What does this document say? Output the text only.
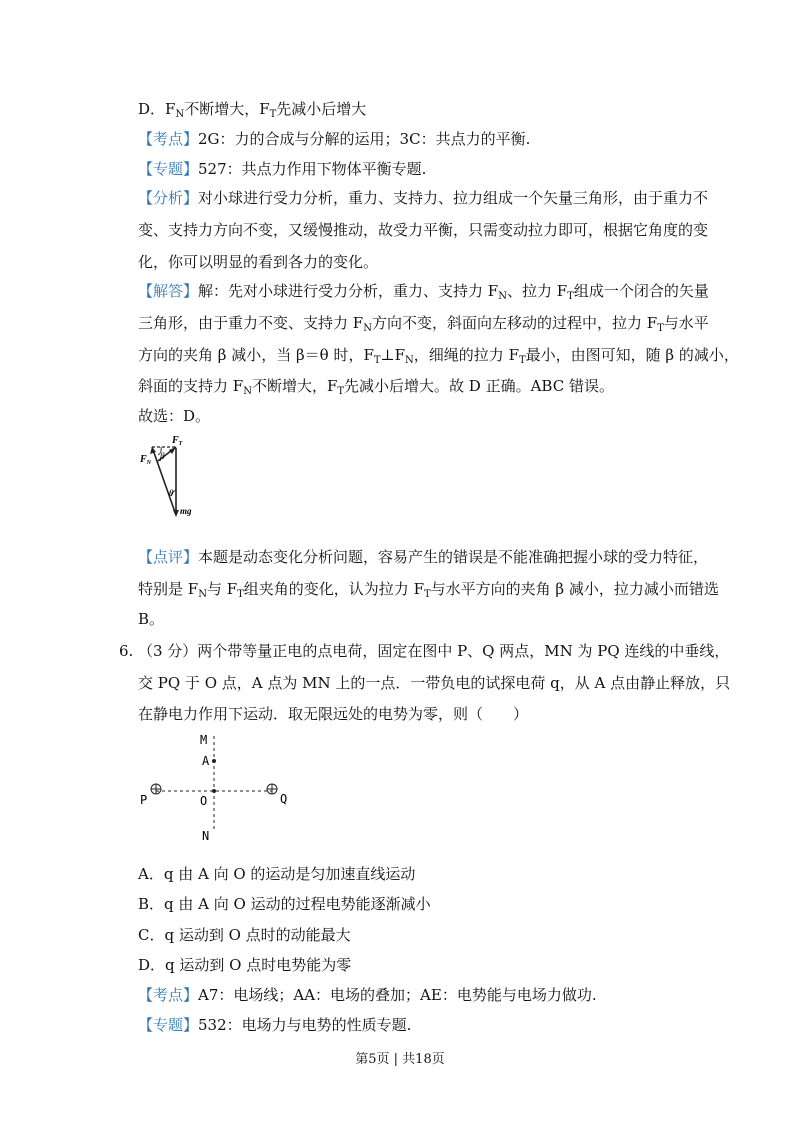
D．$F_N$不断增大，$F_T$先减小后增大
【考点】2G：力的合成与分解的运用；3C：共点力的平衡.
【专题】527：共点力作用下物体平衡专题.
【分析】对小球进行受力分析，重力、支持力、拉力组成一个矢量三角形，由于重力不
变、支持力方向不变，又缓慢推动，故受力平衡，只需变动拉力即可，根据它角度的变
化，你可以明显的看到各力的变化。
【解答】解：先对小球进行受力分析，重力、支持力 $F_N$、拉力 $F_T$组成一个闭合的矢量
三角形，由于重力不变、支持力 $F_N$方向不变，斜面向左移动的过程中，拉力 $F_T$与水平
方向的夹角 β 减小，当 β＝θ 时，$F_T\perp F_N$，细绳的拉力 $F_T$最小，由图可知，随 β 的减小，
斜面的支持力 $F_N$不断增大，$F_T$先减小后增大。故 D 正确。ABC 错误。
故选：D。
$F_T$
$F_N$
β
θ
mg
【点评】本题是动态变化分析问题，容易产生的错误是不能准确把握小球的受力特征，
特别是 $F_N$与 $F_T$组夹角的变化，认为拉力 $F_T$与水平方向的夹角 β 减小，拉力减小而错选
B。
6. （3 分）两个带等量正电的点电荷，固定在图中 P、Q 两点，MN 为 PQ 连线的中垂线，
交 PQ 于 O 点，A 点为 MN 上的一点．一带负电的试探电荷 q，从 A 点由静止释放，只
在静电力作用下运动．取无限远处的电势为零，则（　　）
M
A
P	O	Q
N
A．q 由 A 向 O 的运动是匀加速直线运动
B．q 由 A 向 O 运动的过程电势能逐渐减小
C．q 运动到 O 点时的动能最大
D．q 运动到 O 点时电势能为零
【考点】A7：电场线；AA：电场的叠加；AE：电势能与电场力做功.
【专题】532：电场力与电势的性质专题.
第5页 | 共18页
